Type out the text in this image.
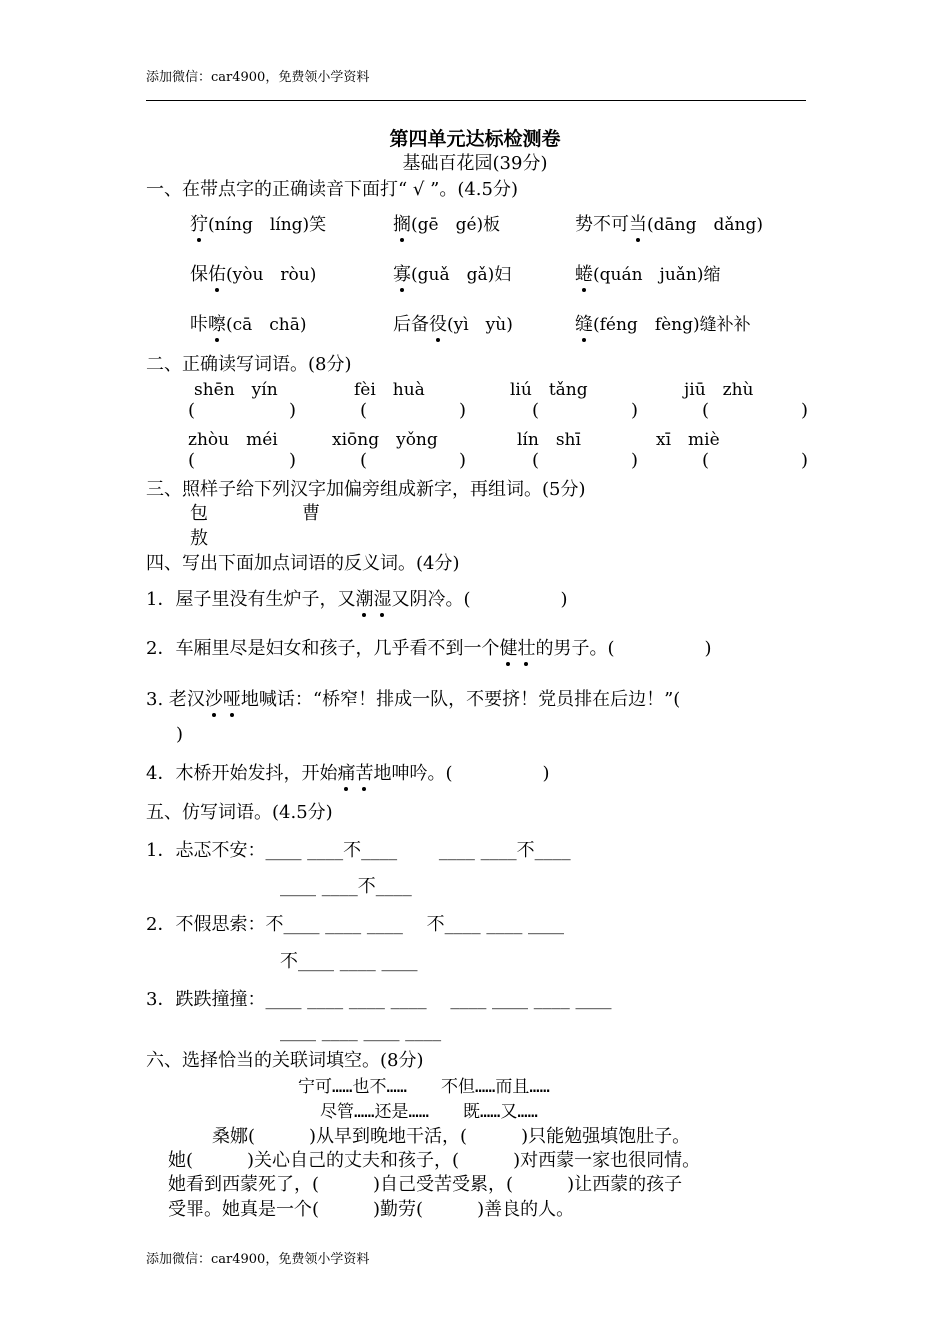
添加微信：car4900，免费领小学资料
第四单元达标检测卷
基础百花园(39分)
一、在带点字的正确读音下面打“ √ ”。(4.5分)
狞(níng　líng)笑	搁(gē　gé)板	势不可当(dāng　dǎng)
保佑(yòu　ròu)	寡(guǎ　gǎ)妇	蜷(quán　juǎn)缩
咔嚓(cā　chā)	后备役(yì　yù)	缝(féng　fèng)缝补补
二、正确读写词语。(8分)
shēn　yín	fèi　huà	liú　tǎng	jiū　zhù
(	)	(	)	(	)	(	)
zhòu　méi	xiōng　yǒng	lín　shī	xī　miè
(	)	(	)	(	)	(	)
三、照样子给下列汉字加偏旁组成新字，再组词。(5分)
包	曹
敖
四、写出下面加点词语的反义词。(4分)
1．屋子里没有生炉子，又潮湿又阴冷。(　　　　　)
2．车厢里尽是妇女和孩子，几乎看不到一个健壮的男子。(　　　　　)
3. 老汉沙哑地喊话：“桥窄！排成一队，不要挤！党员排在后边！”(
)
4．木桥开始发抖，开始痛苦地呻吟。(　　　　　)
五、仿写词语。(4.5分)
1．忐忑不安：____ ____不____　　 ____ ____不____
____ ____不____
2．不假思索：不____ ____ ____　 不____ ____ ____
不____ ____ ____
3．跌跌撞撞：____ ____ ____ ____　 ____ ____ ____ ____
____ ____ ____ ____
六、选择恰当的关联词填空。(8分)
宁可……也不……　　不但……而且……
尽管……还是……　　既……又……
桑娜(　　　)从早到晚地干活，(　　　)只能勉强填饱肚子。
她(　　　)关心自己的丈夫和孩子，(　　　)对西蒙一家也很同情。
她看到西蒙死了，(　　　)自己受苦受累，(　　　)让西蒙的孩子
受罪。她真是一个(　　　)勤劳(　　　)善良的人。
添加微信：car4900，免费领小学资料
